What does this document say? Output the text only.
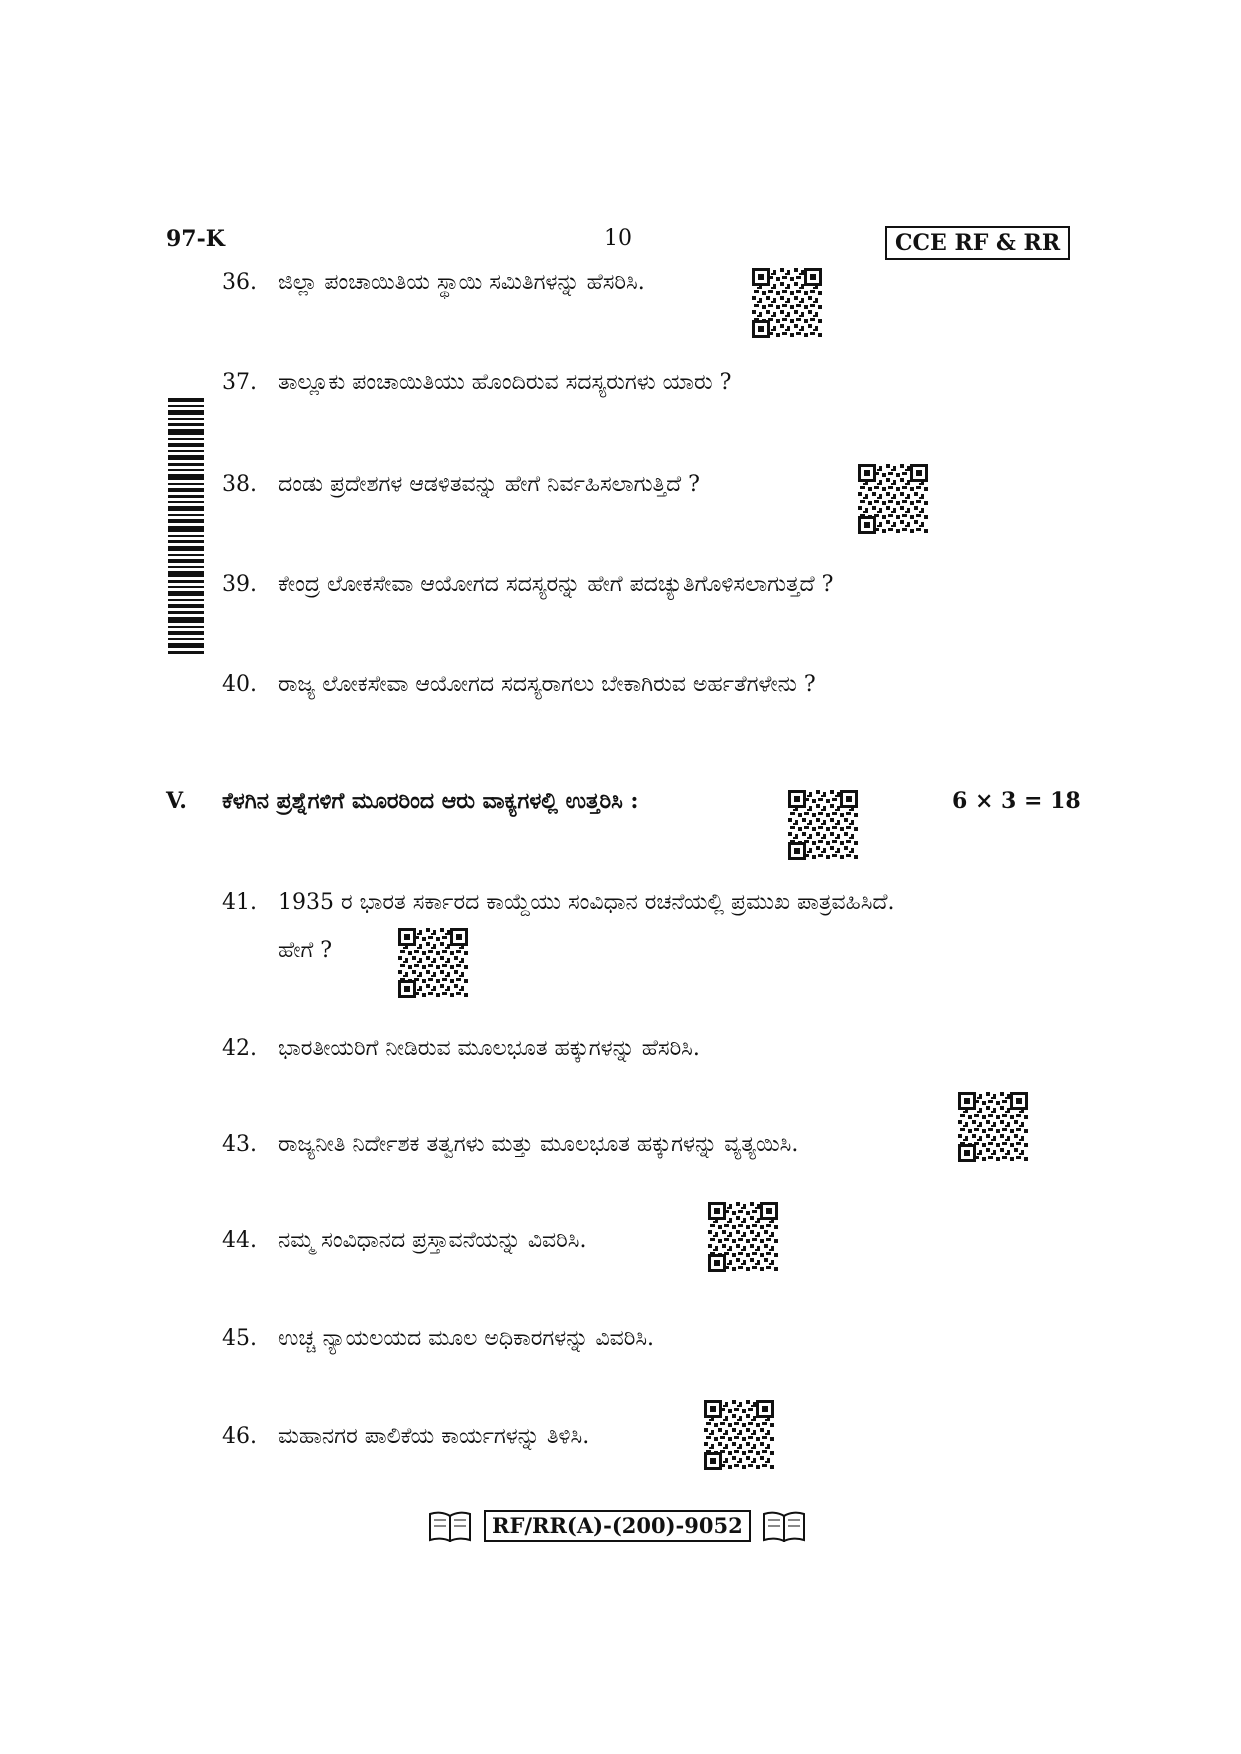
97-K	10	CCE RF & RR
36. ಜಿಲ್ಲಾ ಪಂಚಾಯಿತಿಯ ಸ್ಥಾಯಿ ಸಮಿತಿಗಳನ್ನು ಹೆಸರಿಸಿ.
37. ತಾಲ್ಲೂಕು ಪಂಚಾಯಿತಿಯು ಹೊಂದಿರುವ ಸದಸ್ಯರುಗಳು ಯಾರು ?
38. ದಂಡು ಪ್ರದೇಶಗಳ ಆಡಳಿತವನ್ನು ಹೇಗೆ ನಿರ್ವಹಿಸಲಾಗುತ್ತಿದೆ ?
39. ಕೇಂದ್ರ ಲೋಕಸೇವಾ ಆಯೋಗದ ಸದಸ್ಯರನ್ನು ಹೇಗೆ ಪದಚ್ಯುತಿಗೊಳಿಸಲಾಗುತ್ತದೆ ?
40. ರಾಜ್ಯ ಲೋಕಸೇವಾ ಆಯೋಗದ ಸದಸ್ಯರಾಗಲು ಬೇಕಾಗಿರುವ ಅರ್ಹತೆಗಳೇನು ?
V. ಕೆಳಗಿನ ಪ್ರಶ್ನೆಗಳಿಗೆ ಮೂರರಿಂದ ಆರು ವಾಕ್ಯಗಳಲ್ಲಿ ಉತ್ತರಿಸಿ :	6 × 3 = 18
41. 1935 ರ ಭಾರತ ಸರ್ಕಾರದ ಕಾಯ್ದೆಯು ಸಂವಿಧಾನ ರಚನೆಯಲ್ಲಿ ಪ್ರಮುಖ ಪಾತ್ರವಹಿಸಿದೆ.
ಹೇಗೆ ?
42. ಭಾರತೀಯರಿಗೆ ನೀಡಿರುವ ಮೂಲಭೂತ ಹಕ್ಕುಗಳನ್ನು ಹೆಸರಿಸಿ.
43. ರಾಜ್ಯನೀತಿ ನಿರ್ದೇಶಕ ತತ್ವಗಳು ಮತ್ತು ಮೂಲಭೂತ ಹಕ್ಕುಗಳನ್ನು ವ್ಯತ್ಯಯಿಸಿ.
44. ನಮ್ಮ ಸಂವಿಧಾನದ ಪ್ರಸ್ತಾವನೆಯನ್ನು ವಿವರಿಸಿ.
45. ಉಚ್ಚ ನ್ಯಾಯಲಯದ ಮೂಲ ಅಧಿಕಾರಗಳನ್ನು ವಿವರಿಸಿ.
46. ಮಹಾನಗರ ಪಾಲಿಕೆಯ ಕಾರ್ಯಗಳನ್ನು ತಿಳಿಸಿ.
RF/RR(A)-(200)-9052
